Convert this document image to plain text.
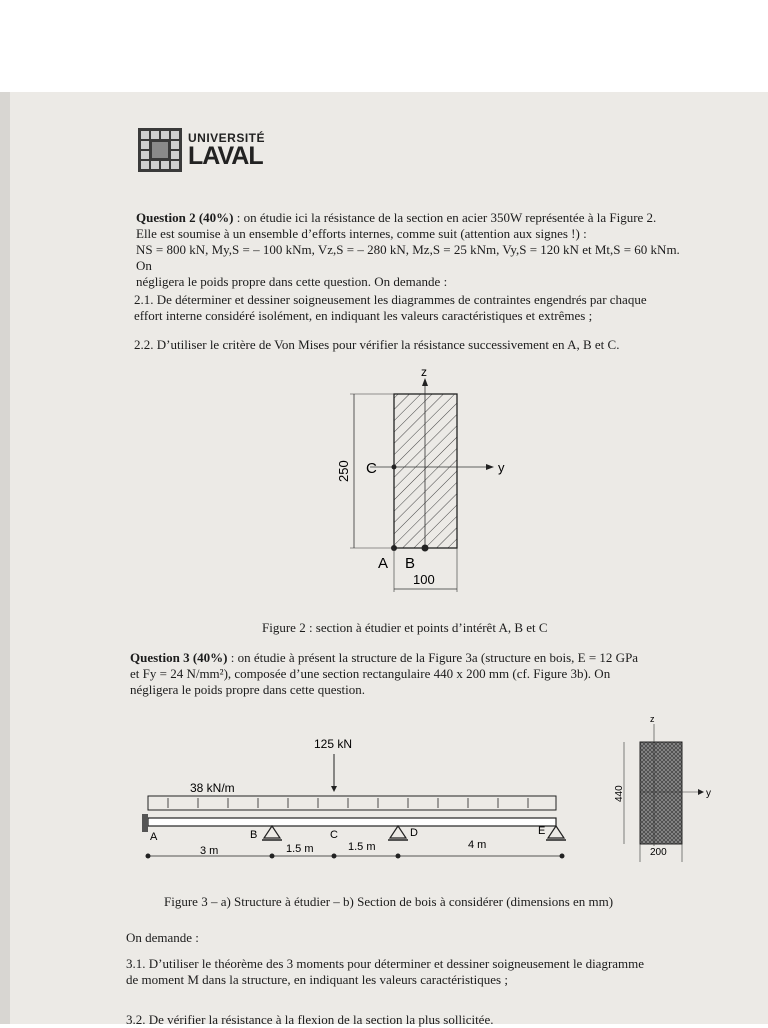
UNIVERSITÉ
LAVAL
Question 2 (40%) : on étudie ici la résistance de la section en acier 350W représentée à la Figure 2.
Elle est soumise à un ensemble d’efforts internes, comme suit (attention aux signes !) :
NS = 800 kN, My,S = – 100 kNm, Vz,S = – 280 kN, Mz,S = 25 kNm, Vy,S = 120 kN et Mt,S = 60 kNm. On
négligera le poids propre dans cette question. On demande :
2.1. De déterminer et dessiner soigneusement les diagrammes de contraintes engendrés par chaque
effort interne considéré isolément, en indiquant les valeurs caractéristiques et extrêmes ;
2.2. D’utiliser le critère de Von Mises pour vérifier la résistance successivement en A, B et C.
z
y
C
A B
250
100
Figure 2 : section à étudier et points d’intérêt A, B et C
Question 3 (40%) : on étudie à présent la structure de la Figure 3a (structure en bois, E = 12 GPa
et Fy = 24 N/mm²), composée d’une section rectangulaire 440 x 200 mm (cf. Figure 3b). On
négligera le poids propre dans cette question.
125 kN
38 kN/m
A	B	C	D	E
3 m	1.5 m	1.5 m	4 m
z
y
440
200
Figure 3 – a) Structure à étudier – b) Section de bois à considérer (dimensions en mm)
On demande :
3.1. D’utiliser le théorème des 3 moments pour déterminer et dessiner soigneusement le diagramme
de moment M dans la structure, en indiquant les valeurs caractéristiques ;
3.2. De vérifier la résistance à la flexion de la section la plus sollicitée.
